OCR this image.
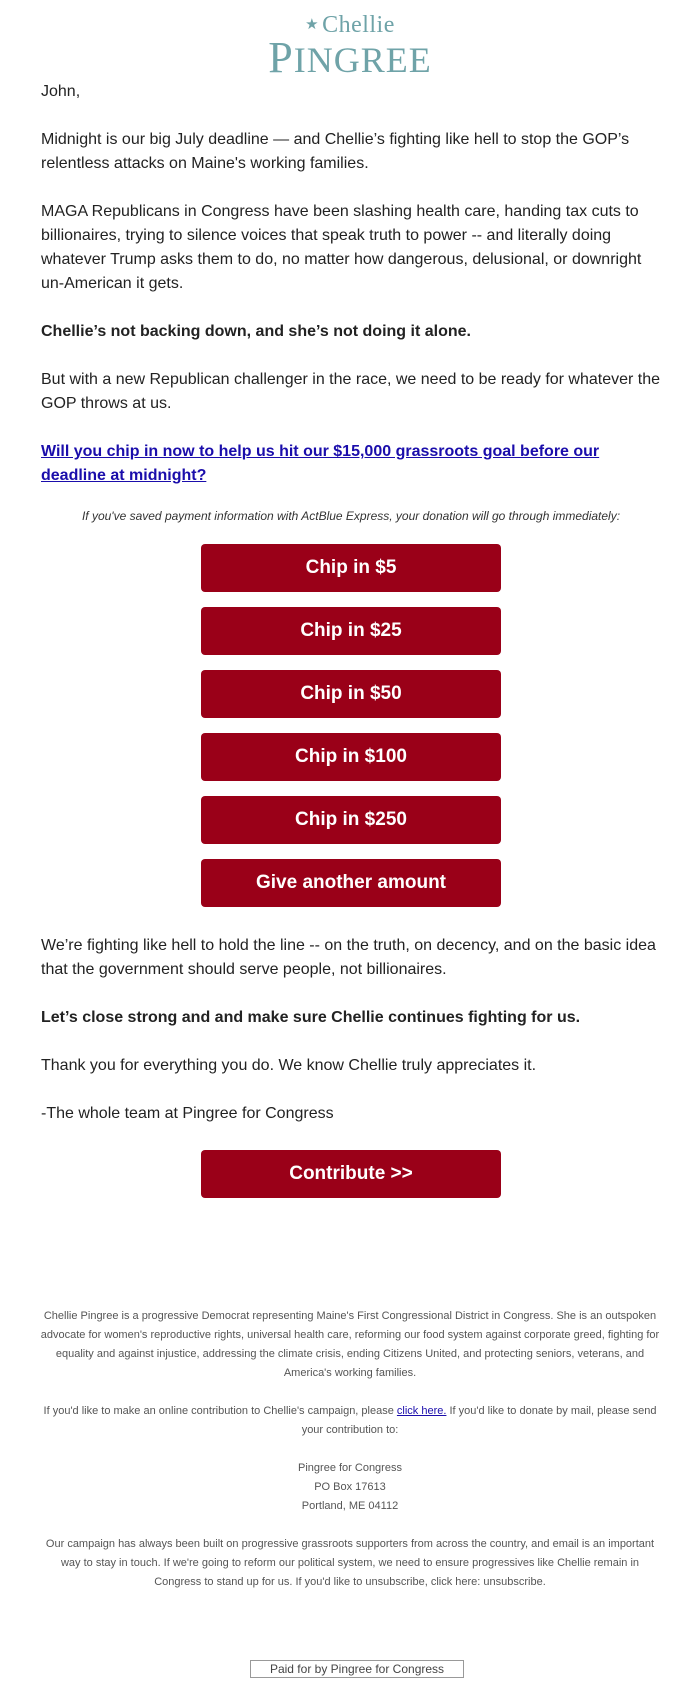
★ Chellie
PINGREE

John,

Midnight is our big July deadline — and Chellie’s fighting like hell to stop the GOP’s relentless attacks on Maine's working families.

MAGA Republicans in Congress have been slashing health care, handing tax cuts to billionaires, trying to silence voices that speak truth to power -- and literally doing whatever Trump asks them to do, no matter how dangerous, delusional, or downright un-American it gets.

Chellie’s not backing down, and she’s not doing it alone.

But with a new Republican challenger in the race, we need to be ready for whatever the GOP throws at us.

Will you chip in now to help us hit our $15,000 grassroots goal before our deadline at midnight?

If you've saved payment information with ActBlue Express, your donation will go through immediately:

Chip in $5
Chip in $25
Chip in $50
Chip in $100
Chip in $250
Give another amount

We’re fighting like hell to hold the line -- on the truth, on decency, and on the basic idea that the government should serve people, not billionaires.

Let’s close strong and and make sure Chellie continues fighting for us.

Thank you for everything you do. We know Chellie truly appreciates it.

-The whole team at Pingree for Congress

Contribute >>

Chellie Pingree is a progressive Democrat representing Maine's First Congressional District in Congress. She is an outspoken advocate for women's reproductive rights, universal health care, reforming our food system against corporate greed, fighting for equality and against injustice, addressing the climate crisis, ending Citizens United, and protecting seniors, veterans, and America's working families.

If you'd like to make an online contribution to Chellie's campaign, please click here. If you'd like to donate by mail, please send your contribution to:

Pingree for Congress
PO Box 17613
Portland, ME 04112

Our campaign has always been built on progressive grassroots supporters from across the country, and email is an important way to stay in touch. If we're going to reform our political system, we need to ensure progressives like Chellie remain in Congress to stand up for us. If you'd like to unsubscribe, click here: unsubscribe.

Paid for by Pingree for Congress
